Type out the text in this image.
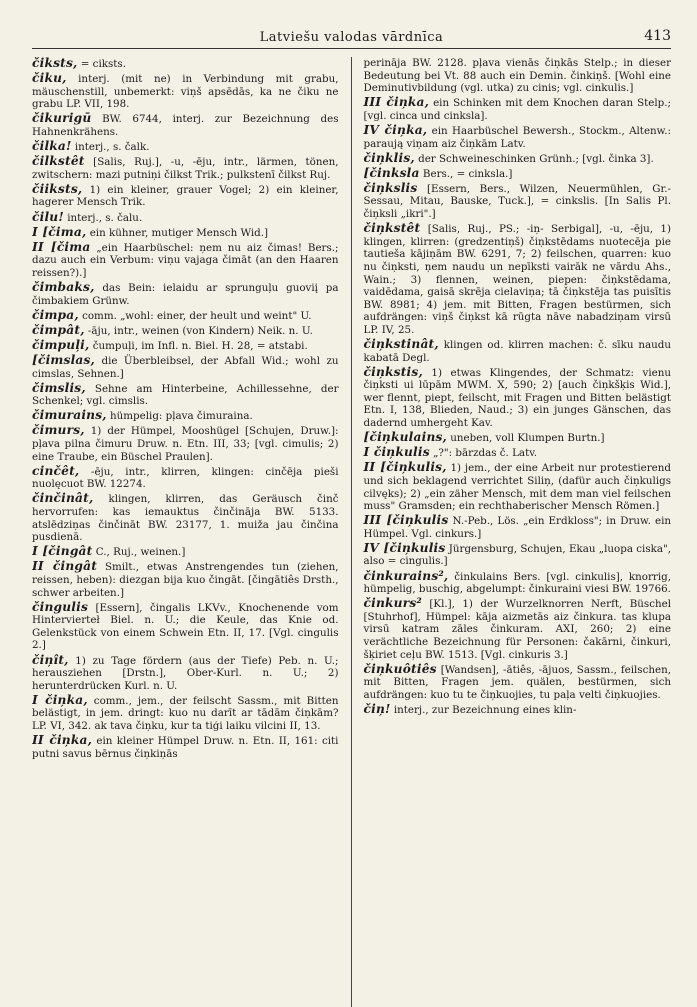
Latviešu valodas vārdnīca	413

čiksts, = ciksts.

čiku, interj. (mit ne) in Verbindung mit grabu, mäuschenstill, unbemerkt: viņš apsēdās, ka ne čiku ne grabu LP. VII, 198.

čikurigū BW. 6744, interj. zur Bezeichnung des Hahnenkrähens.

čilka! interj., s. čalk.

čilkstêt [Salis, Ruj.], -u, -ēju, intr., lärmen, tönen, zwitschern: mazi putniņi čilkst Trik.; pulkstenī čilkst Ruj.

čiiksts, 1) ein kleiner, grauer Vogel; 2) ein kleiner, hagerer Mensch Trik.

čilu! interj., s. čalu.

I [čima, ein kühner, mutiger Mensch Wid.]

II [čima „ein Haarbüschel: ņem nu aiz čimas! Bers.; dazu auch ein Verbum: viņu vajaga čimāt (an den Haaren reissen?).]

čimbaks, das Bein: ielaidu ar sprunguļu guoviį pa čimbakiem Grünw.

čimpa, comm. „wohl: einer, der heult und weint" U.

čimpât, -āju, intr., weinen (von Kindern) Neik. n. U.

čimpuļi, čumpuļi, im Infl. n. Biel. H. 28, = atstabi.

[čimslas, die Überbleibsel, der Abfall Wid.; wohl zu cimslas, Sehnen.]

čimslis, Sehne am Hinterbeine, Achillessehne, der Schenkel; vgl. cimslis.

čimurains, hümpelig: pļava čimuraina.

čimurs, 1) der Hümpel, Mooshügel [Schujen, Druw.]: pļava pilna čimuru Druw. n. Etn. III, 33; [vgl. cimulis; 2) eine Traube, ein Büschel Praulen].

cinčêt, -ēju, intr., klirren, klingen: cinčēja pieši nuolęcuot BW. 12274.

činčinât, klingen, klirren, das Geräusch činč hervorrufen: kas iemauktus činčināja BW. 5133. atslēdziņas činčināt BW. 23177, 1. muiža jau činčina pusdienā.

I [čingât C., Ruj., weinen.]

II čingât Smilt., etwas Anstrengendes tun (ziehen, reissen, heben): diezgan bija kuo čingāt. [čingātiês Drsth., schwer arbeiten.]

čingulis [Essern], čingalis LKVv., Knochenende vom Hintervierteł Biel. n. U.; die Keule, das Knie od. Gelenkstück von einem Schwein Etn. II, 17. [Vgl. cingulis 2.]

čiņît, 1) zu Tage fördern (aus der Tiefe) Peb. n. U.; herausziehen [Drstn.], Ober-Kurl. n. U.; 2) herunterdrücken Kurl. n. U.

I čiņka, comm., jem., der feilscht Sassm., mit Bitten belästigt, in jem. dringt: kuo nu darīt ar tādām čiņkām? LP. VI, 342. ak tava čiņku, kur ta tiģi laiku vilcini II, 13.

II čiņka, ein kleiner Hümpel Druw. n. Etn. II, 161: citi putni savus bērnus čiņkiņās

perināja BW. 2128. pļava vienās čiņkās Stelp.; in dieser Bedeutung bei Vt. 88 auch ein Demin. činkiņš. [Wohl eine Deminutivbildung (vgl. utka) zu cinis; vgl. cinkulis.]

III čiņka, ein Schinken mit dem Knochen daran Stelp.; [vgl. cinca und cinksla].

IV čiņka, ein Haarbüschel Bewersh., Stockm., Altenw.: paraują viņam aiz čiņkām Latv.

čiņklis, der Schweineschinken Grünh.; [vgl. činka 3].

[činksla Bers., = cinksla.]

čiņkslis [Essern, Bers., Wilzen, Neuermühlen, Gr.-Sessau, Mitau, Bauske, Tuck.], = cinkslis. [In Salis Pl. čiņksli „ikri".]

čiņkstêt [Salis, Ruj., PS.; -iņ- Serbigal], -u, -ēju, 1) klingen, klirren: (gredzentiņš) čiņkstēdams nuotecēja pie tautieša kājiņām BW. 6291, 7; 2) feilschen, quarren: kuo nu čiņksti, ņem naudu un nepīksti vairāk ne vārdu Ahs., Wain.; 3) flennen, weinen, piepen: čiņkstēdama, vaidēdama, gaisā skrēja cielaviņa; tā čiņkstēja tas puisītis BW. 8981; 4) jem. mit Bitten, Fragen bestürmen, sich aufdrängen: viņš čiņkst kā rūgta nāve nabadziņam virsū LP. IV, 25.

čiņkstinât, klingen od. klirren machen: č. sīku naudu kabatā Degl.

čiņkstis, 1) etwas Klingendes, der Schmatz: vienu čiņksti ui lūpām MWM. X, 590; 2) [auch čiņkšķis Wid.], wer flennt, piept, feilscht, mit Fragen und Bitten belästigt Etn. I, 138, Blieden, Naud.; 3) ein junges Gänschen, das dadernd umhergeht Kav.

[čiņkulains, uneben, voll Klumpen Burtn.]

I čiņkulis „?": bārzdas č. Latv.

II [čiņkulis, 1) jem., der eine Arbeit nur protestierend und sich beklagend verrichtet Siliņ, (dafür auch čiņkuligs cilvęks); 2) „ein zäher Mensch, mit dem man viel feilschen muss" Gramsden; ein rechthaberischer Mensch Römen.]

III [čiņkulis N.-Peb., Lös. „ein Erdkloss"; in Druw. ein Hümpel. Vgl. cinkurs.]

IV [čiņkulis Jürgensburg, Schujen, Ekau „luopa ciska", also = cingulis.]

činkurains², činkulains Bers. [vgl. cinkulis], knorrig, hümpelig, buschig, abgelumpt: činkuraini viesi BW. 19766.

činkurs² [Kl.], 1) der Wurzelknorren Nerft, Büschel [Stuhrhof], Hümpel: kāja aizmetās aiz činkura. tas klupa virsū katram zāles činkuram. AXI, 260; 2) eine verächtliche Bezeichnung für Personen: čakārni, činkuri, šķiriet ceļu BW. 1513. [Vgl. cinkuris 3.]

čiņkuôtiês [Wandsen], -ātiês, -ājuos, Sassm., feilschen, mit Bitten, Fragen jem. quälen, bestürmen, sich aufdrängen: kuo tu te čiņkuojies, tu paļa velti čiņkuojies.

čiņ! interj., zur Bezeichnung eines klin-
